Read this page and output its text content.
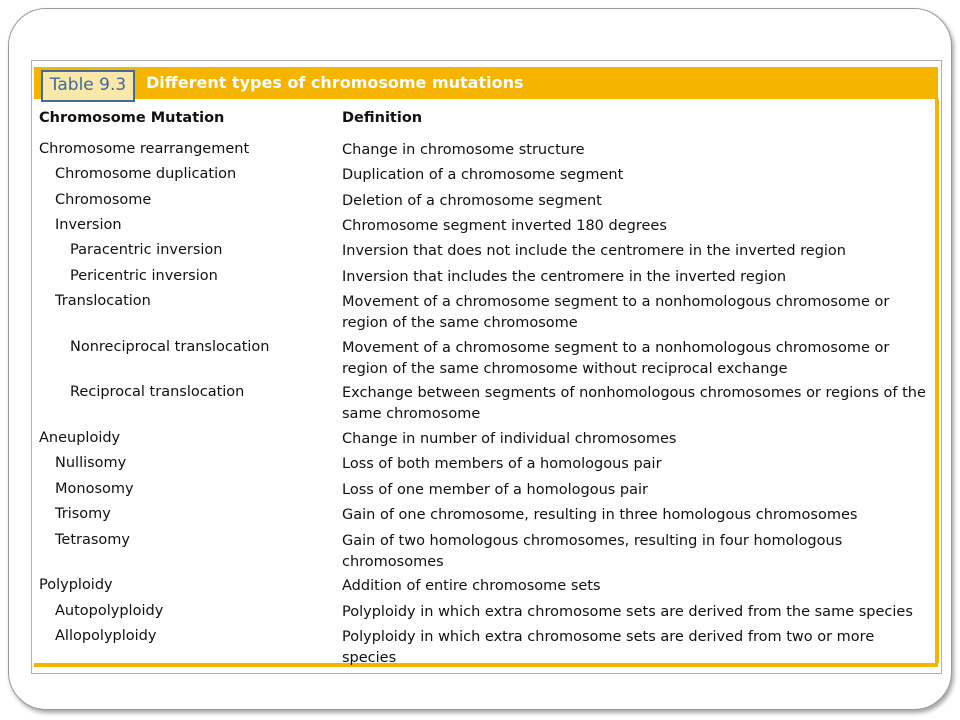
Table 9.3	Different types of chromosome mutations
Chromosome Mutation	Definition
Chromosome rearrangement	Change in chromosome structure
Chromosome duplication	Duplication of a chromosome segment
Chromosome	Deletion of a chromosome segment
Inversion	Chromosome segment inverted 180 degrees
Paracentric inversion	Inversion that does not include the centromere in the inverted region
Pericentric inversion	Inversion that includes the centromere in the inverted region
Translocation	Movement of a chromosome segment to a nonhomologous chromosome or region of the same chromosome
Nonreciprocal translocation	Movement of a chromosome segment to a nonhomologous chromosome or region of the same chromosome without reciprocal exchange
Reciprocal translocation	Exchange between segments of nonhomologous chromosomes or regions of the same chromosome
Aneuploidy	Change in number of individual chromosomes
Nullisomy	Loss of both members of a homologous pair
Monosomy	Loss of one member of a homologous pair
Trisomy	Gain of one chromosome, resulting in three homologous chromosomes
Tetrasomy	Gain of two homologous chromosomes, resulting in four homologous chromosomes
Polyploidy	Addition of entire chromosome sets
Autopolyploidy	Polyploidy in which extra chromosome sets are derived from the same species
Allopolyploidy	Polyploidy in which extra chromosome sets are derived from two or more species
